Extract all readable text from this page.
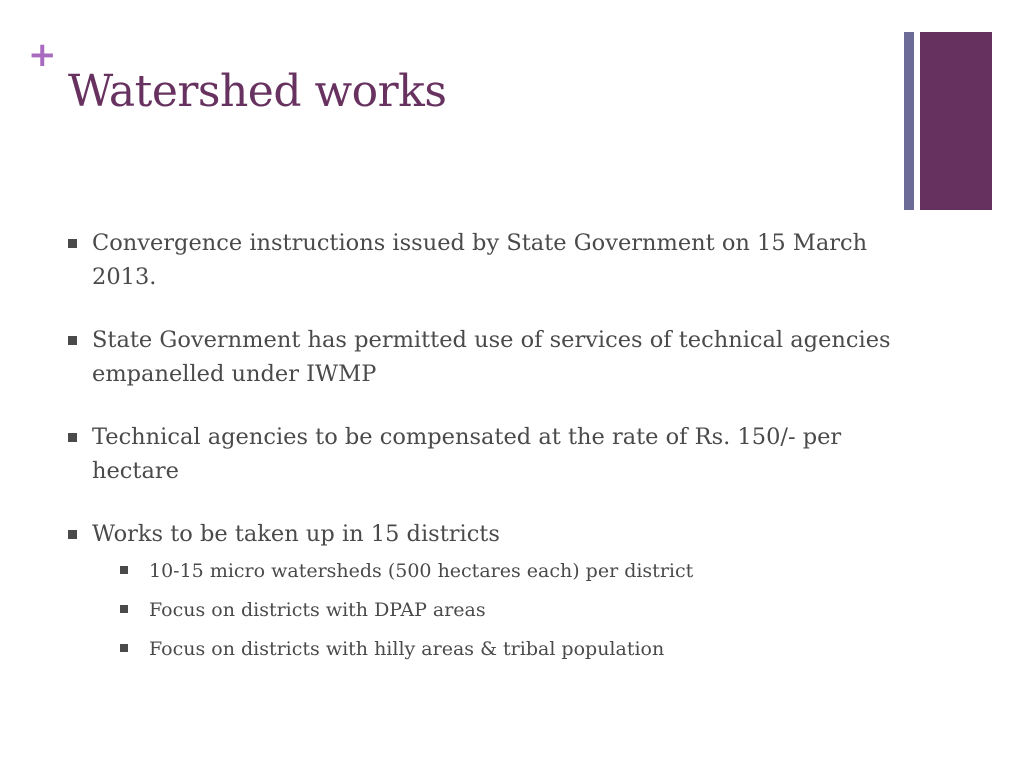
+
Watershed works
Convergence instructions issued by State Government on 15 March 2013.
State Government has permitted use of services of technical agencies empanelled under IWMP
Technical agencies to be compensated at the rate of Rs. 150/- per hectare
Works to be taken up in 15 districts
10-15 micro watersheds (500 hectares each) per district
Focus on districts with DPAP areas
Focus on districts with hilly areas & tribal population
